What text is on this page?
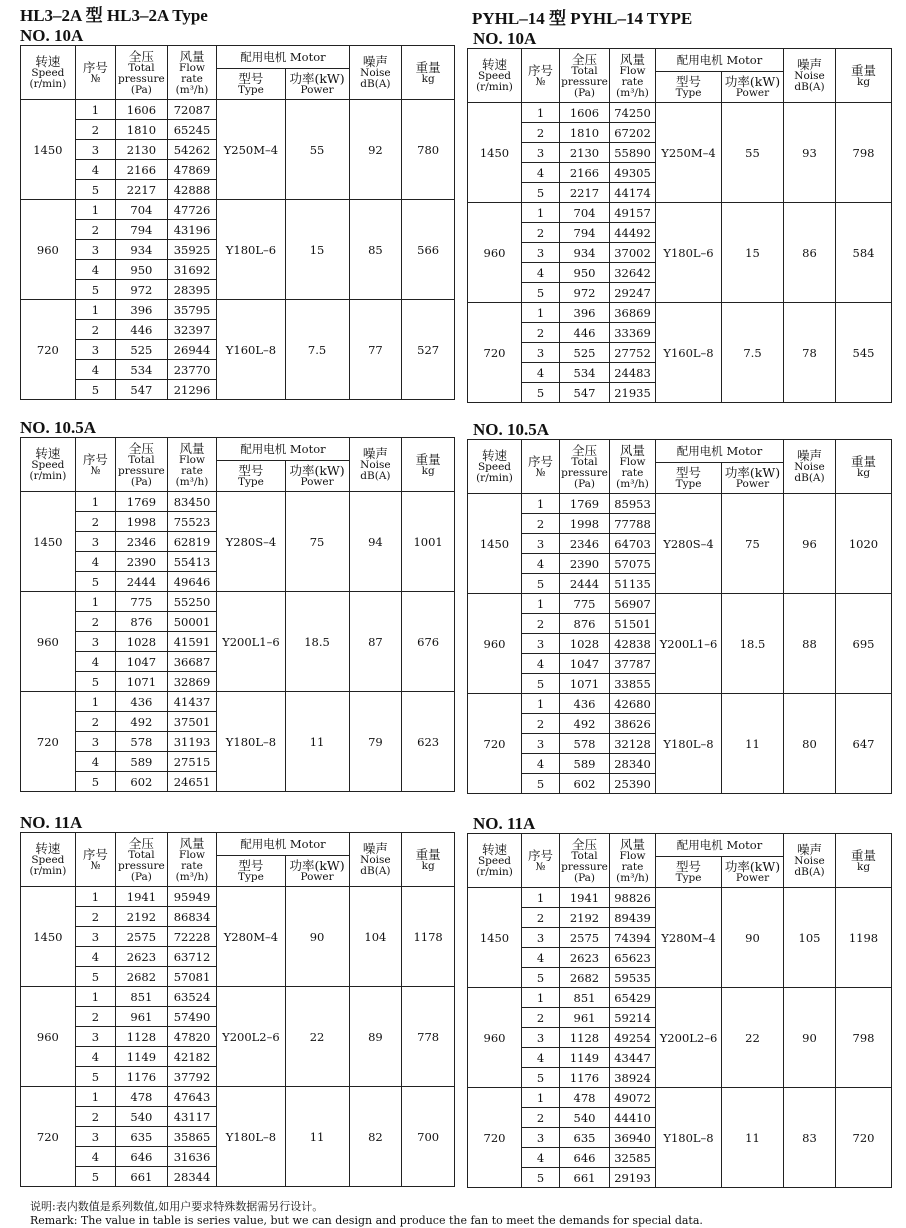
HL3–2A 型 HL3–2A Type
NO. 10A
转速
Speed
(r/min)	序号
№	全压
Total
pressure
(Pa)	风量
Flow
rate
(m³/h)	配用电机 Motor		噪声
Noise
dB(A)	重量
kg

				型号
Type	功率(kW)
Power		

1450	1	1606	72087	Y250M–4	55	92	780
	2	1810	65245				
	3	2130	54262				
	4	2166	47869				
	5	2217	42888				
960	1	704	47726	Y180L–6	15	85	566
	2	794	43196				
	3	934	35925				
	4	950	31692				
	5	972	28395				
720	1	396	35795	Y160L–8	7.5	77	527
	2	446	32397				
	3	525	26944				
	4	534	23770				
	5	547	21296				
NO. 10.5A
转速
Speed
(r/min)	序号
№	全压
Total
pressure
(Pa)	风量
Flow
rate
(m³/h)	配用电机 Motor		噪声
Noise
dB(A)	重量
kg

				型号
Type	功率(kW)
Power		

1450	1	1769	83450	Y280S–4	75	94	1001
	2	1998	75523				
	3	2346	62819				
	4	2390	55413				
	5	2444	49646				
960	1	775	55250	Y200L1–6	18.5	87	676
	2	876	50001				
	3	1028	41591				
	4	1047	36687				
	5	1071	32869				
720	1	436	41437	Y180L–8	11	79	623
	2	492	37501				
	3	578	31193				
	4	589	27515				
	5	602	24651				
NO. 11A
转速
Speed
(r/min)	序号
№	全压
Total
pressure
(Pa)	风量
Flow
rate
(m³/h)	配用电机 Motor		噪声
Noise
dB(A)	重量
kg

				型号
Type	功率(kW)
Power		

1450	1	1941	95949	Y280M–4	90	104	1178
	2	2192	86834				
	3	2575	72228				
	4	2623	63712				
	5	2682	57081				
960	1	851	63524	Y200L2–6	22	89	778
	2	961	57490				
	3	1128	47820				
	4	1149	42182				
	5	1176	37792				
720	1	478	47643	Y180L–8	11	82	700
	2	540	43117				
	3	635	35865				
	4	646	31636				
	5	661	28344				
PYHL–14 型 PYHL–14 TYPE
NO. 10A
转速
Speed
(r/min)	序号
№	全压
Total
pressure
(Pa)	风量
Flow
rate
(m³/h)	配用电机 Motor		噪声
Noise
dB(A)	重量
kg

				型号
Type	功率(kW)
Power		

1450	1	1606	74250	Y250M–4	55	93	798
	2	1810	67202				
	3	2130	55890				
	4	2166	49305				
	5	2217	44174				
960	1	704	49157	Y180L–6	15	86	584
	2	794	44492				
	3	934	37002				
	4	950	32642				
	5	972	29247				
720	1	396	36869	Y160L–8	7.5	78	545
	2	446	33369				
	3	525	27752				
	4	534	24483				
	5	547	21935				
NO. 10.5A
转速
Speed
(r/min)	序号
№	全压
Total
pressure
(Pa)	风量
Flow
rate
(m³/h)	配用电机 Motor		噪声
Noise
dB(A)	重量
kg

				型号
Type	功率(kW)
Power		

1450	1	1769	85953	Y280S–4	75	96	1020
	2	1998	77788				
	3	2346	64703				
	4	2390	57075				
	5	2444	51135				
960	1	775	56907	Y200L1–6	18.5	88	695
	2	876	51501				
	3	1028	42838				
	4	1047	37787				
	5	1071	33855				
720	1	436	42680	Y180L–8	11	80	647
	2	492	38626				
	3	578	32128				
	4	589	28340				
	5	602	25390				
NO. 11A
转速
Speed
(r/min)	序号
№	全压
Total
pressure
(Pa)	风量
Flow
rate
(m³/h)	配用电机 Motor		噪声
Noise
dB(A)	重量
kg

				型号
Type	功率(kW)
Power		

1450	1	1941	98826	Y280M–4	90	105	1198
	2	2192	89439				
	3	2575	74394				
	4	2623	65623				
	5	2682	59535				
960	1	851	65429	Y200L2–6	22	90	798
	2	961	59214				
	3	1128	49254				
	4	1149	43447				
	5	1176	38924				
720	1	478	49072	Y180L–8	11	83	720
	2	540	44410				
	3	635	36940				
	4	646	32585				
	5	661	29193				
说明:表内数值是系列数值,如用户要求特殊数据需另行设计。
Remark: The value in table is series value, but we can design and produce the fan to meet the demands for special data.
